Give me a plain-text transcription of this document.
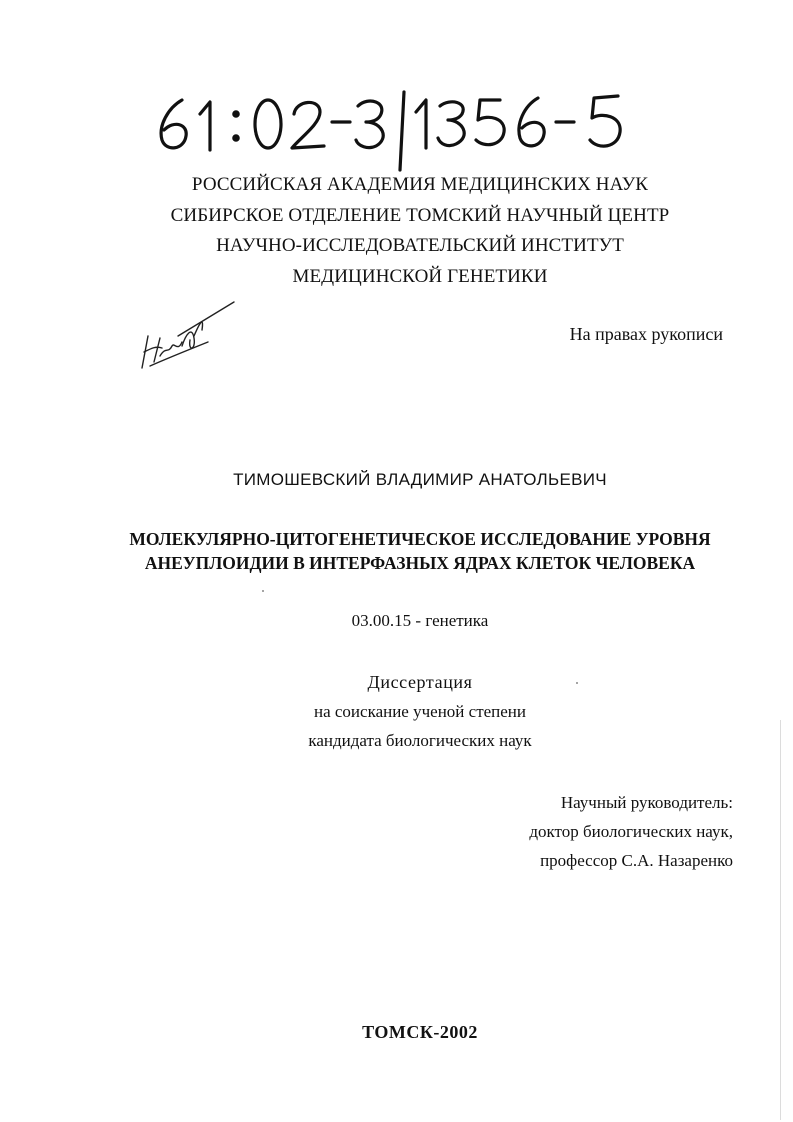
РОССИЙСКАЯ АКАДЕМИЯ МЕДИЦИНСКИХ НАУК
СИБИРСКОЕ ОТДЕЛЕНИЕ ТОМСКИЙ НАУЧНЫЙ ЦЕНТР
НАУЧНО-ИССЛЕДОВАТЕЛЬСКИЙ ИНСТИТУТ
МЕДИЦИНСКОЙ ГЕНЕТИКИ
На правах рукописи
ТИМОШЕВСКИЙ ВЛАДИМИР АНАТОЛЬЕВИЧ
МОЛЕКУЛЯРНО-ЦИТОГЕНЕТИЧЕСКОЕ ИССЛЕДОВАНИЕ УРОВНЯ
АНЕУПЛОИДИИ В ИНТЕРФАЗНЫХ ЯДРАХ КЛЕТОК ЧЕЛОВЕКА
03.00.15 - генетика
Диссертация
на соискание ученой степени
кандидата биологических наук
Научный руководитель:
доктор биологических наук,
профессор С.А. Назаренко
ТОМСК-2002
